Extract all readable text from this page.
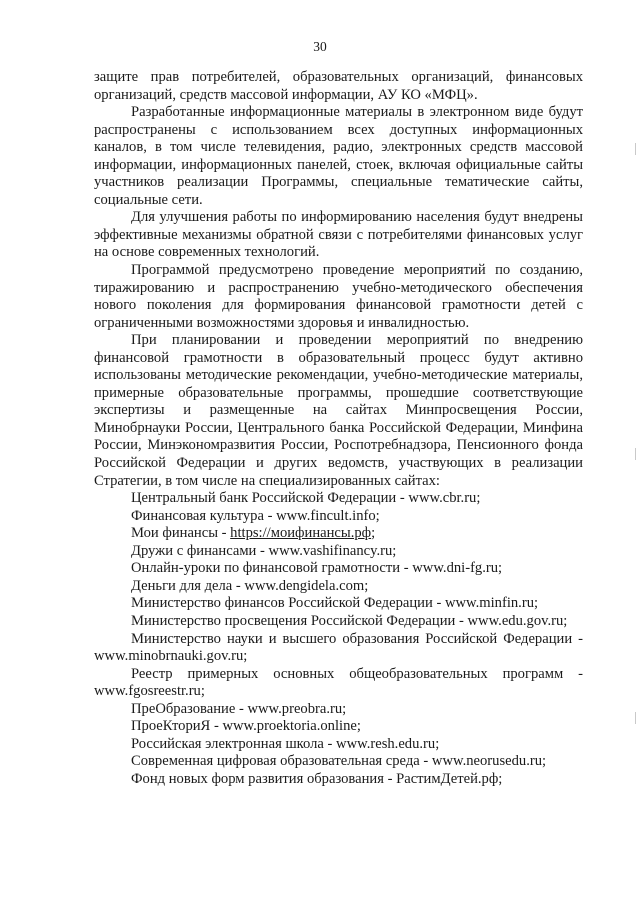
30

защите прав потребителей, образовательных организаций, финансовых организаций, средств массовой информации, АУ КО «МФЦ».

Разработанные информационные материалы в электронном виде будут распространены с использованием всех доступных информационных каналов, в том числе телевидения, радио, электронных средств массовой информации, информационных панелей, стоек, включая официальные сайты участников реализации Программы, специальные тематические сайты, социальные сети.

Для улучшения работы по информированию населения будут внедрены эффективные механизмы обратной связи с потребителями финансовых услуг на основе современных технологий.

Программой предусмотрено проведение мероприятий по созданию, тиражированию и распространению учебно-методического обеспечения нового поколения для формирования финансовой грамотности детей с ограниченными возможностями здоровья и инвалидностью.

При планировании и проведении мероприятий по внедрению финансовой грамотности в образовательный процесс будут активно использованы методические рекомендации, учебно-методические материалы, примерные образовательные программы, прошедшие соответствующие экспертизы и размещенные на сайтах Минпросвещения России, Минобрнауки России, Центрального банка Российской Федерации, Минфина России, Минэкономразвития России, Роспотребнадзора, Пенсионного фонда Российской Федерации и других ведомств, участвующих в реализации Стратегии, в том числе на специализированных сайтах:

Центральный банк Российской Федерации - www.cbr.ru;

Финансовая культура - www.fincult.info;

Мои финансы - https://моифинансы.рф;

Дружи с финансами - www.vashifinancy.ru;

Онлайн-уроки по финансовой грамотности - www.dni-fg.ru;

Деньги для дела - www.dengidela.com;

Министерство финансов Российской Федерации - www.minfin.ru;

Министерство просвещения Российской Федерации - www.edu.gov.ru;

Министерство науки и высшего образования Российской Федерации - www.minobrnauki.gov.ru;

Реестр примерных основных общеобразовательных программ - www.fgosreestr.ru;

ПреОбразование - www.preobra.ru;

ПроеКториЯ - www.proektoria.online;

Российская электронная школа - www.resh.edu.ru;

Современная цифровая образовательная среда - www.neorusedu.ru;

Фонд новых форм развития образования - РастимДетей.рф;
